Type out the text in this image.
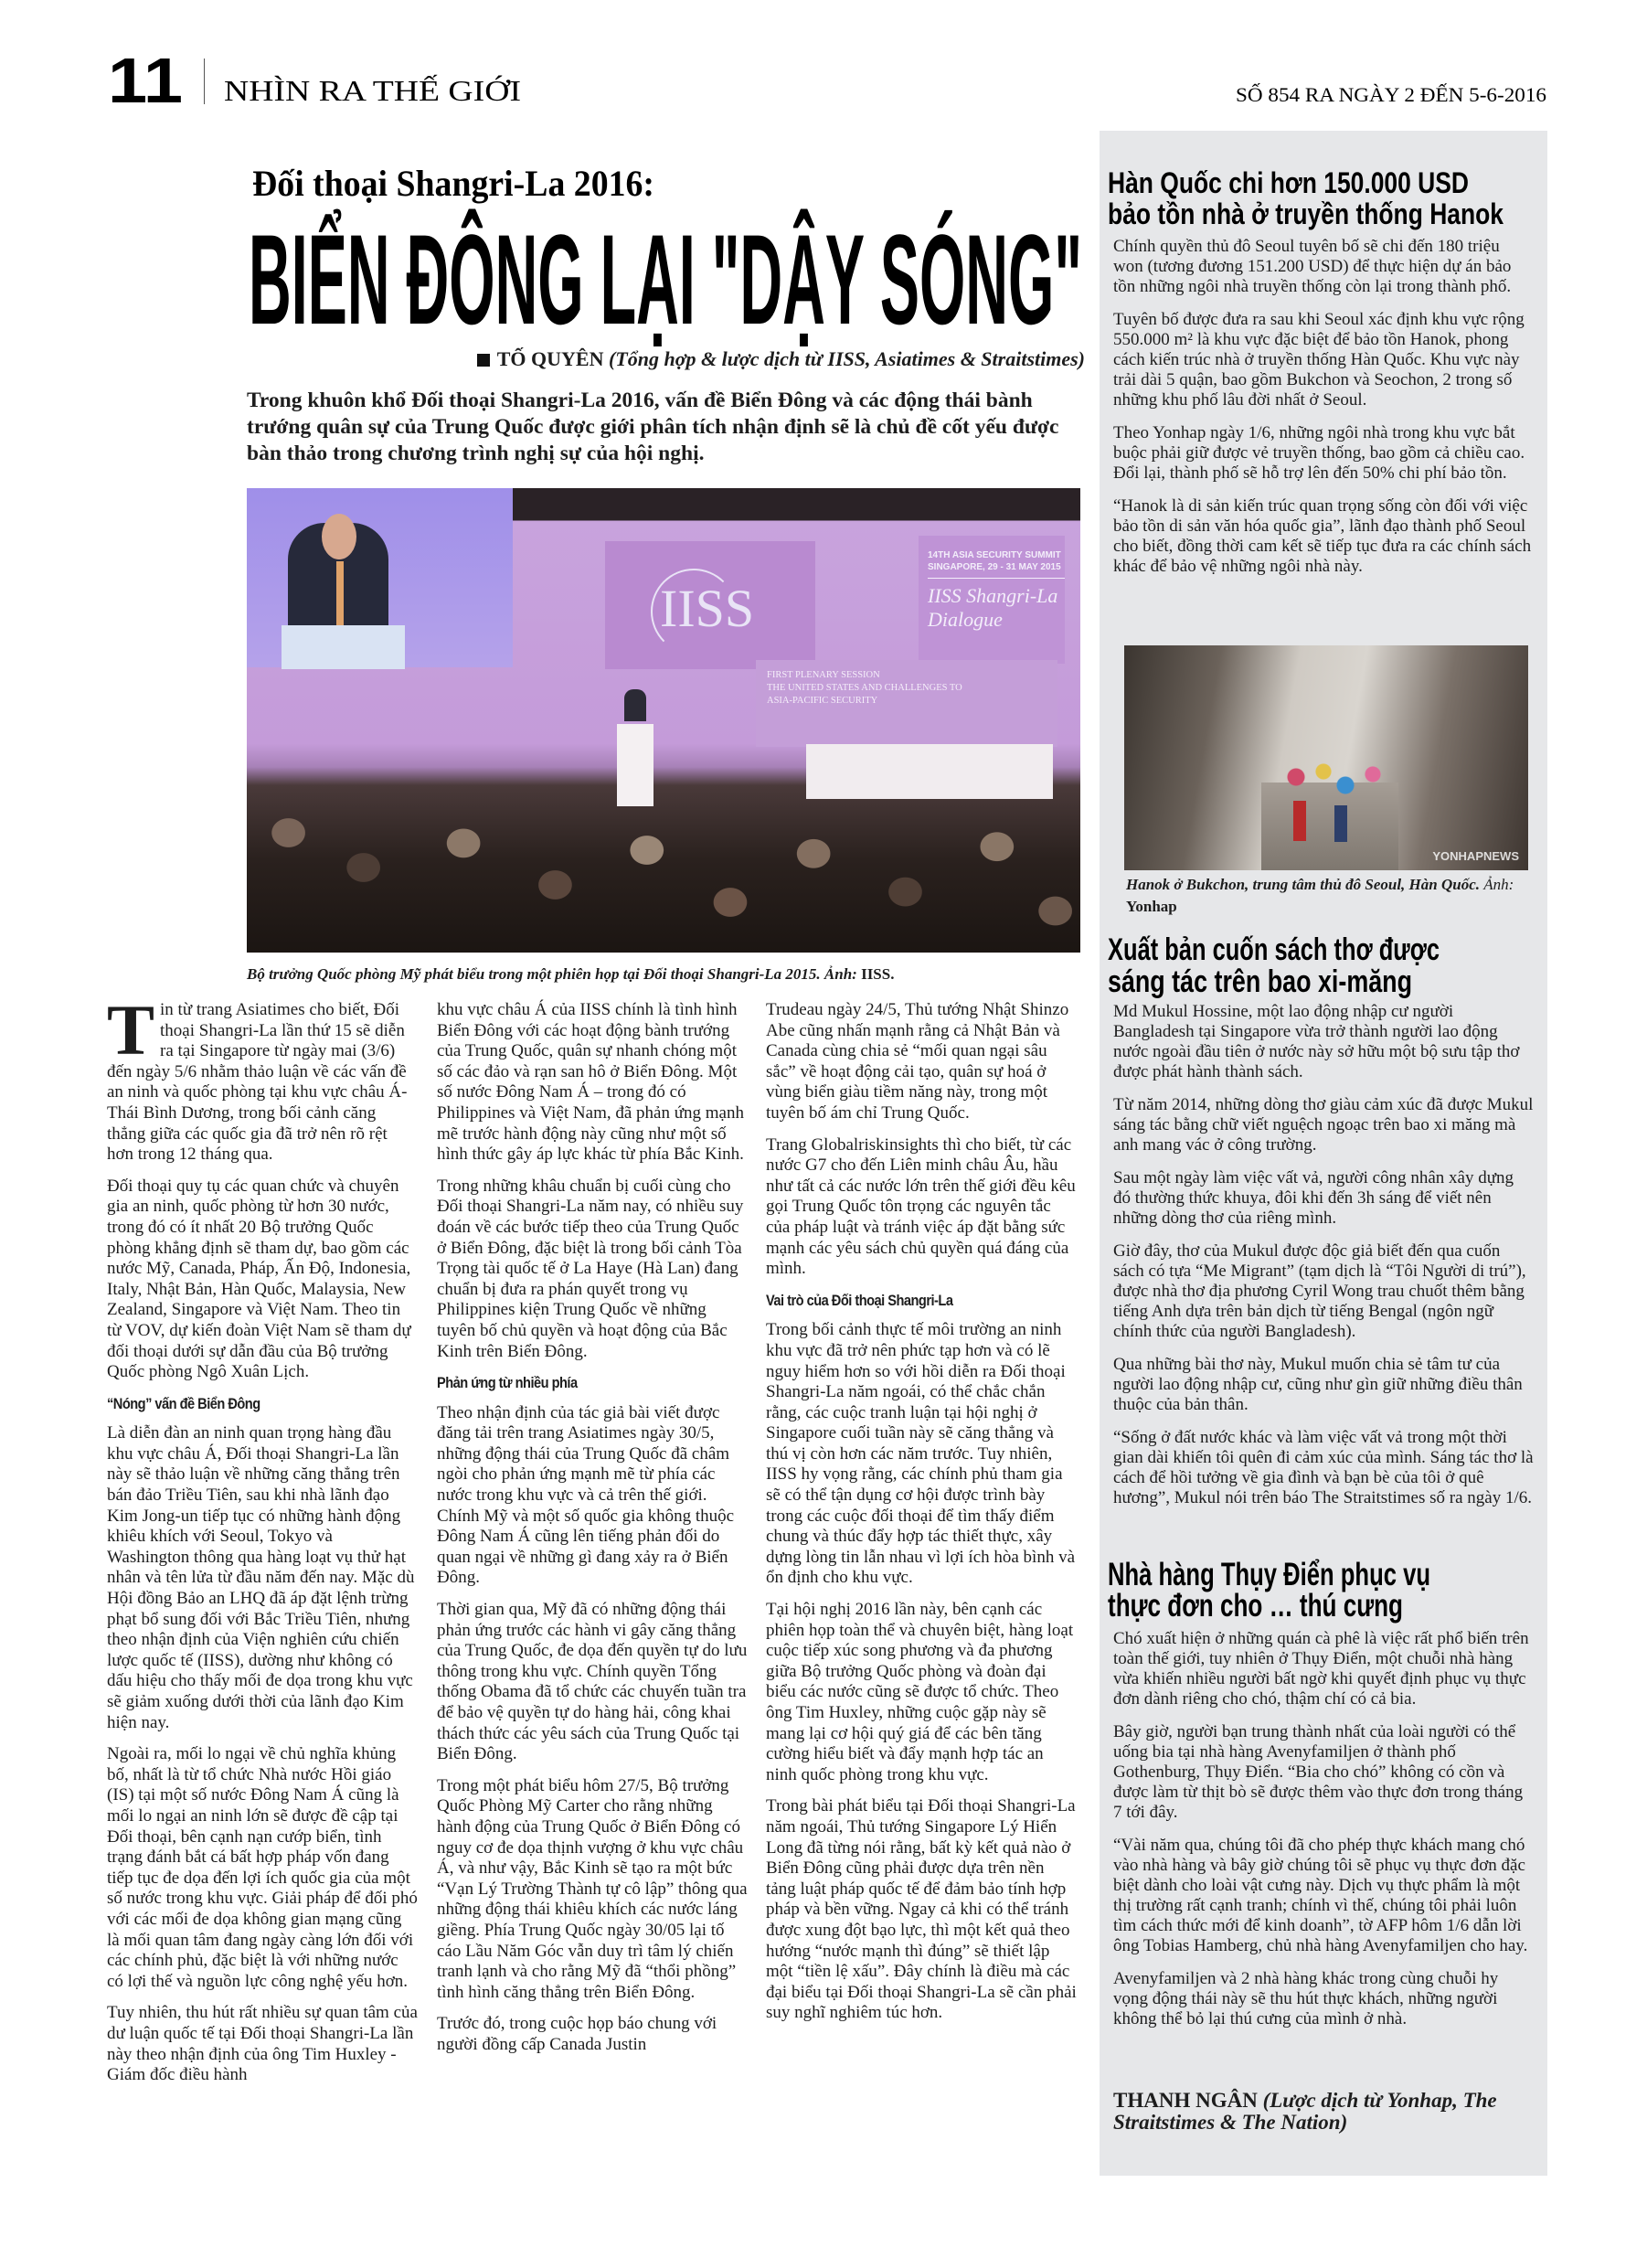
11 NHÌN RA THẾ GIỚI	SỐ 854 RA NGÀY 2 ĐẾN 5-6-2016
Đối thoại Shangri-La 2016:
BIỂN ĐÔNG LẠI "DẬY SÓNG"
TỐ QUYÊN (Tổng hợp & lược dịch từ IISS, Asiatimes & Straitstimes)
Trong khuôn khổ Đối thoại Shangri-La 2016, vấn đề Biển Đông và các động thái bành trướng quân sự của Trung Quốc được giới phân tích nhận định sẽ là chủ đề cốt yếu được bàn thảo trong chương trình nghị sự của hội nghị.
IISS
14TH ASIA SECURITY SUMMIT
SINGAPORE, 29 - 31 MAY 2015
IISS Shangri-La
Dialogue
FIRST PLENARY SESSION
THE UNITED STATES AND CHALLENGES TO
ASIA-PACIFIC SECURITY
Bộ trưởng Quốc phòng Mỹ phát biểu trong một phiên họp tại Đối thoại Shangri-La 2015. Ảnh: IISS.

Tin từ trang Asiatimes cho biết, Đối thoại Shangri-La lần thứ 15 sẽ diễn ra tại Singapore từ ngày mai (3/6) đến ngày 5/6 nhằm thảo luận về các vấn đề an ninh và quốc phòng tại khu vực châu Á-Thái Bình Dương, trong bối cảnh căng thẳng giữa các quốc gia đã trở nên rõ rệt hơn trong 12 tháng qua.

Đối thoại quy tụ các quan chức và chuyên gia an ninh, quốc phòng từ hơn 30 nước, trong đó có ít nhất 20 Bộ trưởng Quốc phòng khẳng định sẽ tham dự, bao gồm các nước Mỹ, Canada, Pháp, Ấn Độ, Indonesia, Italy, Nhật Bản, Hàn Quốc, Malaysia, New Zealand, Singapore và Việt Nam. Theo tin từ VOV, dự kiến đoàn Việt Nam sẽ tham dự đối thoại dưới sự dẫn đầu của Bộ trưởng Quốc phòng Ngô Xuân Lịch.

“Nóng” vấn đề Biển Đông

Là diễn đàn an ninh quan trọng hàng đầu khu vực châu Á, Đối thoại Shangri-La lần này sẽ thảo luận về những căng thẳng trên bán đảo Triều Tiên, sau khi nhà lãnh đạo Kim Jong-un tiếp tục có những hành động khiêu khích với Seoul, Tokyo và Washington thông qua hàng loạt vụ thử hạt nhân và tên lửa từ đầu năm đến nay. Mặc dù Hội đồng Bảo an LHQ đã áp đặt lệnh trừng phạt bổ sung đối với Bắc Triều Tiên, nhưng theo nhận định của Viện nghiên cứu chiến lược quốc tế (IISS), dường như không có dấu hiệu cho thấy mối đe dọa trong khu vực sẽ giảm xuống dưới thời của lãnh đạo Kim hiện nay.

Ngoài ra, mối lo ngại về chủ nghĩa khủng bố, nhất là từ tổ chức Nhà nước Hồi giáo (IS) tại một số nước Đông Nam Á cũng là mối lo ngại an ninh lớn sẽ được đề cập tại Đối thoại, bên cạnh nạn cướp biển, tình trạng đánh bắt cá bất hợp pháp vốn đang tiếp tục đe dọa đến lợi ích quốc gia của một số nước trong khu vực. Giải pháp để đối phó với các mối đe dọa không gian mạng cũng là mối quan tâm đang ngày càng lớn đối với các chính phủ, đặc biệt là với những nước có lợi thế và nguồn lực công nghệ yếu hơn.

Tuy nhiên, thu hút rất nhiều sự quan tâm của dư luận quốc tế tại Đối thoại Shangri-La lần này theo nhận định của ông Tim Huxley - Giám đốc điều hành

khu vực châu Á của IISS chính là tình hình Biển Đông với các hoạt động bành trướng của Trung Quốc, quân sự nhanh chóng một số các đảo và rạn san hô ở Biển Đông. Một số nước Đông Nam Á – trong đó có Philippines và Việt Nam, đã phản ứng mạnh mẽ trước hành động này cũng như một số hình thức gây áp lực khác từ phía Bắc Kinh.

Trong những khâu chuẩn bị cuối cùng cho Đối thoại Shangri-La năm nay, có nhiều suy đoán về các bước tiếp theo của Trung Quốc ở Biển Đông, đặc biệt là trong bối cảnh Tòa Trọng tài quốc tế ở La Haye (Hà Lan) đang chuẩn bị đưa ra phán quyết trong vụ Philippines kiện Trung Quốc về những tuyên bố chủ quyền và hoạt động của Bắc Kinh trên Biển Đông.

Phản ứng từ nhiều phía

Theo nhận định của tác giả bài viết được đăng tải trên trang Asiatimes ngày 30/5, những động thái của Trung Quốc đã châm ngòi cho phản ứng mạnh mẽ từ phía các nước trong khu vực và cả trên thế giới. Chính Mỹ và một số quốc gia không thuộc Đông Nam Á cũng lên tiếng phản đối do quan ngại về những gì đang xảy ra ở Biển Đông.

Thời gian qua, Mỹ đã có những động thái phản ứng trước các hành vi gây căng thẳng của Trung Quốc, đe dọa đến quyền tự do lưu thông trong khu vực. Chính quyền Tổng thống Obama đã tổ chức các chuyến tuần tra để bảo vệ quyền tự do hàng hải, công khai thách thức các yêu sách của Trung Quốc tại Biển Đông.

Trong một phát biểu hôm 27/5, Bộ trưởng Quốc Phòng Mỹ Carter cho rằng những hành động của Trung Quốc ở Biển Đông có nguy cơ đe dọa thịnh vượng ở khu vực châu Á, và như vậy, Bắc Kinh sẽ tạo ra một bức “Vạn Lý Trường Thành tự cô lập” thông qua những động thái khiêu khích các nước láng giềng. Phía Trung Quốc ngày 30/05 lại tố cáo Lầu Năm Góc vẫn duy trì tâm lý chiến tranh lạnh và cho rằng Mỹ đã “thổi phồng” tình hình căng thẳng trên Biển Đông.

Trước đó, trong cuộc họp báo chung với người đồng cấp Canada Justin

Trudeau ngày 24/5, Thủ tướng Nhật Shinzo Abe cũng nhấn mạnh rằng cả Nhật Bản và Canada cùng chia sẻ “mối quan ngại sâu sắc” về hoạt động cải tạo, quân sự hoá ở vùng biển giàu tiềm năng này, trong một tuyên bố ám chỉ Trung Quốc.

Trang Globalriskinsights thì cho biết, từ các nước G7 cho đến Liên minh châu Âu, hầu như tất cả các nước lớn trên thế giới đều kêu gọi Trung Quốc tôn trọng các nguyên tắc của pháp luật và tránh việc áp đặt bằng sức mạnh các yêu sách chủ quyền quá đáng của mình.

Vai trò của Đối thoại Shangri-La

Trong bối cảnh thực tế môi trường an ninh khu vực đã trở nên phức tạp hơn và có lẽ nguy hiểm hơn so với hồi diễn ra Đối thoại Shangri-La năm ngoái, có thể chắc chắn rằng, các cuộc tranh luận tại hội nghị ở Singapore cuối tuần này sẽ căng thẳng và thú vị còn hơn các năm trước. Tuy nhiên, IISS hy vọng rằng, các chính phủ tham gia sẽ có thể tận dụng cơ hội được trình bày trong các cuộc đối thoại để tìm thấy điểm chung và thúc đẩy hợp tác thiết thực, xây dựng lòng tin lẫn nhau vì lợi ích hòa bình và ổn định cho khu vực.

Tại hội nghị 2016 lần này, bên cạnh các phiên họp toàn thể và chuyên biệt, hàng loạt cuộc tiếp xúc song phương và đa phương giữa Bộ trưởng Quốc phòng và đoàn đại biểu các nước cũng sẽ được tổ chức. Theo ông Tim Huxley, những cuộc gặp này sẽ mang lại cơ hội quý giá để các bên tăng cường hiểu biết và đẩy mạnh hợp tác an ninh quốc phòng trong khu vực.

Trong bài phát biểu tại Đối thoại Shangri-La năm ngoái, Thủ tướng Singapore Lý Hiển Long đã từng nói rằng, bất kỳ kết quả nào ở Biển Đông cũng phải được dựa trên nền tảng luật pháp quốc tế để đảm bảo tính hợp pháp và bền vững. Ngay cả khi có thể tránh được xung đột bạo lực, thì một kết quả theo hướng “nước mạnh thì đúng” sẽ thiết lập một “tiền lệ xấu”. Đây chính là điều mà các đại biểu tại Đối thoại Shangri-La sẽ cần phải suy nghĩ nghiêm túc hơn.

Hàn Quốc chi hơn 150.000 USD
bảo tồn nhà ở truyền thống Hanok

Chính quyền thủ đô Seoul tuyên bố sẽ chi đến 180 triệu won (tương đương 151.200 USD) để thực hiện dự án bảo tồn những ngôi nhà truyền thống còn lại trong thành phố.

Tuyên bố được đưa ra sau khi Seoul xác định khu vực rộng 550.000 m² là khu vực đặc biệt để bảo tồn Hanok, phong cách kiến trúc nhà ở truyền thống Hàn Quốc. Khu vực này trải dài 5 quận, bao gồm Bukchon và Seochon, 2 trong số những khu phố lâu đời nhất ở Seoul.

Theo Yonhap ngày 1/6, những ngôi nhà trong khu vực bắt buộc phải giữ được vẻ truyền thống, bao gồm cả chiều cao. Đổi lại, thành phố sẽ hỗ trợ lên đến 50% chi phí bảo tồn.

“Hanok là di sản kiến trúc quan trọng sống còn đối với việc bảo tồn di sản văn hóa quốc gia”, lãnh đạo thành phố Seoul cho biết, đồng thời cam kết sẽ tiếp tục đưa ra các chính sách khác để bảo vệ những ngôi nhà này.

YONHAPNEWS
Hanok ở Bukchon, trung tâm thủ đô Seoul, Hàn Quốc. Ảnh: Yonhap
Xuất bản cuốn sách thơ được
sáng tác trên bao xi-măng

Md Mukul Hossine, một lao động nhập cư người Bangladesh tại Singapore vừa trở thành người lao động nước ngoài đầu tiên ở nước này sở hữu một bộ sưu tập thơ được phát hành thành sách.

Từ năm 2014, những dòng thơ giàu cảm xúc đã được Mukul sáng tác bằng chữ viết nguệch ngoạc trên bao xi măng mà anh mang vác ở công trường.

Sau một ngày làm việc vất vả, người công nhân xây dựng đó thường thức khuya, đôi khi đến 3h sáng để viết nên những dòng thơ của riêng mình.

Giờ đây, thơ của Mukul được độc giả biết đến qua cuốn sách có tựa “Me Migrant” (tạm dịch là “Tôi Người di trú”), được nhà thơ địa phương Cyril Wong trau chuốt thêm bằng tiếng Anh dựa trên bản dịch từ tiếng Bengal (ngôn ngữ chính thức của người Bangladesh).

Qua những bài thơ này, Mukul muốn chia sẻ tâm tư của người lao động nhập cư, cũng như gìn giữ những điều thân thuộc của bản thân.

“Sống ở đất nước khác và làm việc vất vả trong một thời gian dài khiến tôi quên đi cảm xúc của mình. Sáng tác thơ là cách để hồi tưởng về gia đình và bạn bè của tôi ở quê hương”, Mukul nói trên báo The Straitstimes số ra ngày 1/6.

Nhà hàng Thụy Điển phục vụ
thực đơn cho … thú cưng

Chó xuất hiện ở những quán cà phê là việc rất phổ biến trên toàn thế giới, tuy nhiên ở Thụy Điển, một chuỗi nhà hàng vừa khiến nhiều người bất ngờ khi quyết định phục vụ thực đơn dành riêng cho chó, thậm chí có cả bia.

Bây giờ, người bạn trung thành nhất của loài người có thể uống bia tại nhà hàng Avenyfamiljen ở thành phố Gothenburg, Thụy Điển. “Bia cho chó” không có cồn và được làm từ thịt bò sẽ được thêm vào thực đơn trong tháng 7 tới đây.

“Vài năm qua, chúng tôi đã cho phép thực khách mang chó vào nhà hàng và bây giờ chúng tôi sẽ phục vụ thực đơn đặc biệt dành cho loài vật cưng này. Dịch vụ thực phẩm là một thị trường rất cạnh tranh; chính vì thế, chúng tôi phải luôn tìm cách thức mới để kinh doanh”, tờ AFP hôm 1/6 dẫn lời ông Tobias Hamberg, chủ nhà hàng Avenyfamiljen cho hay.

Avenyfamiljen và 2 nhà hàng khác trong cùng chuỗi hy vọng động thái này sẽ thu hút thực khách, những người không thể bỏ lại thú cưng của mình ở nhà.

THANH NGÂN (Lược dịch từ Yonhap, The Straitstimes & The Nation)
